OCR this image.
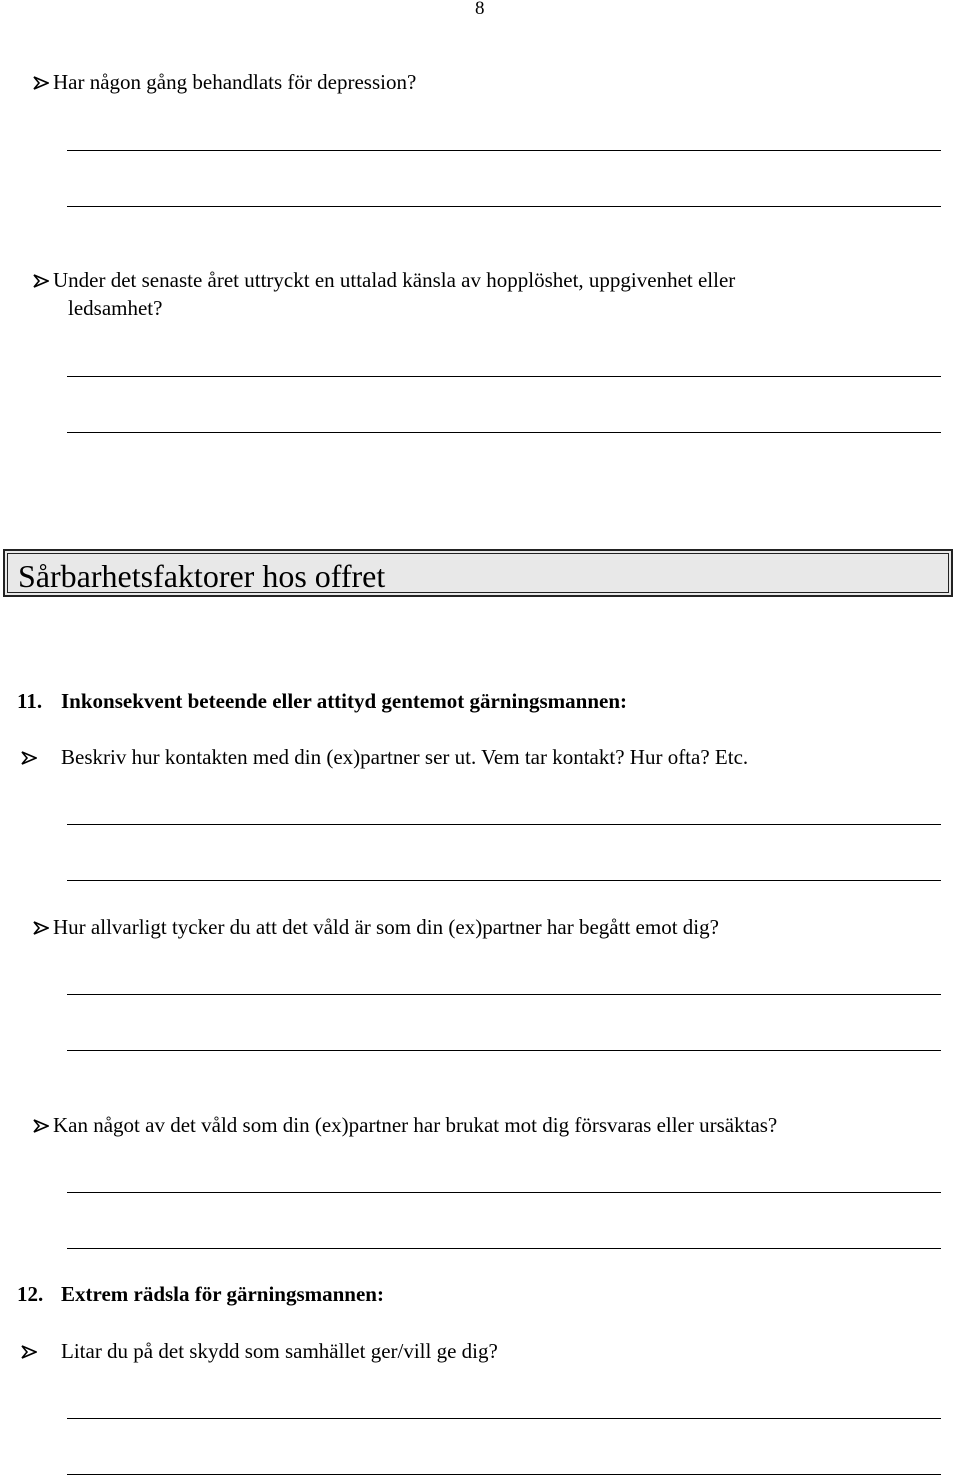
8
Har någon gång behandlats för depression?
Under det senaste året uttryckt en uttalad känsla av hopplöshet, uppgivenhet eller
ledsamhet?
Sårbarhetsfaktorer hos offret
11. Inkonsekvent beteende eller attityd gentemot gärningsmannen:
Beskriv hur kontakten med din (ex)partner ser ut. Vem tar kontakt? Hur ofta? Etc.
Hur allvarligt tycker du att det våld är som din (ex)partner har begått emot dig?
Kan något av det våld som din (ex)partner har brukat mot dig försvaras eller ursäktas?
12. Extrem rädsla för gärningsmannen:
Litar du på det skydd som samhället ger/vill ge dig?
